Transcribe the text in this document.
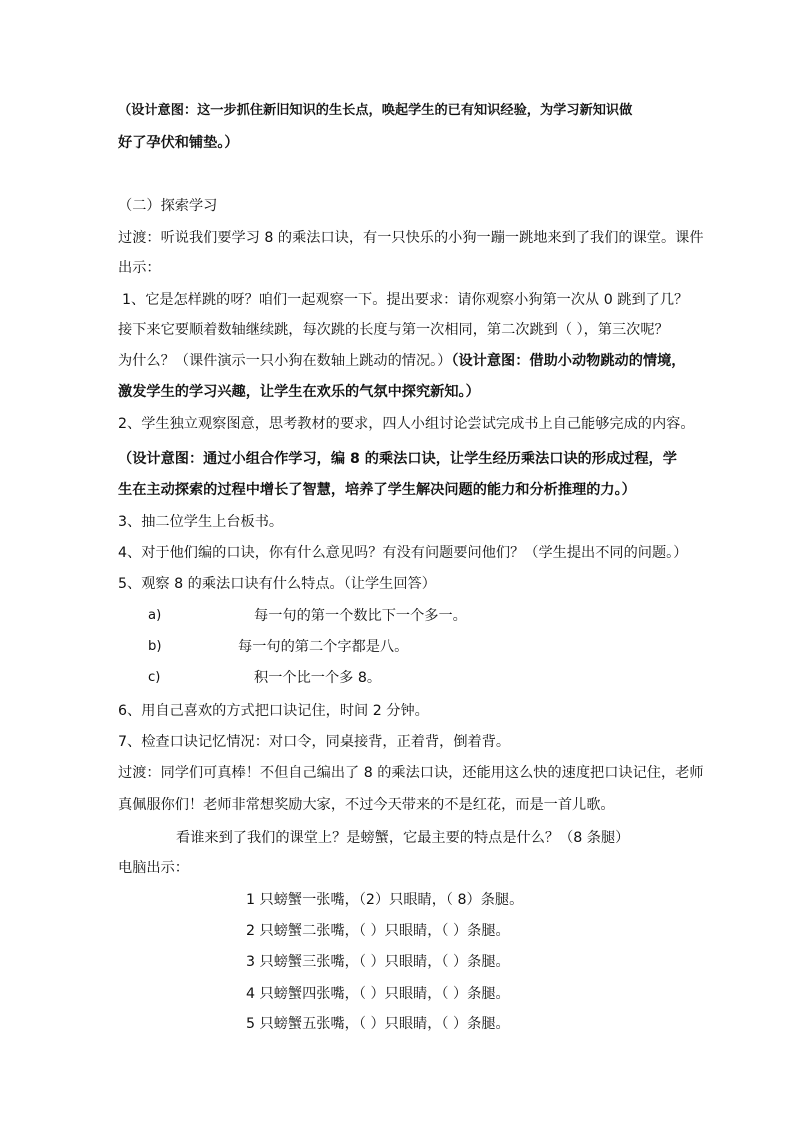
（设计意图：这一步抓住新旧知识的生长点，唤起学生的已有知识经验，为学习新知识做
好了孕伏和铺垫。）
（二）探索学习
过渡：听说我们要学习 8 的乘法口诀，有一只快乐的小狗一蹦一跳地来到了我们的课堂。课件
出示：
1、它是怎样跳的呀？咱们一起观察一下。提出要求：请你观察小狗第一次从 0 跳到了几？
接下来它要顺着数轴继续跳，每次跳的长度与第一次相同，第二次跳到（ ），第三次呢？
为什么？（课件演示一只小狗在数轴上跳动的情况。）（设计意图：借助小动物跳动的情境，
激发学生的学习兴趣，让学生在欢乐的气氛中探究新知。）
2、学生独立观察图意，思考教材的要求，四人小组讨论尝试完成书上自己能够完成的内容。
（设计意图：通过小组合作学习，编 8 的乘法口诀，让学生经历乘法口诀的形成过程，学
生在主动探索的过程中增长了智慧，培养了学生解决问题的能力和分析推理的力。）
3、抽二位学生上台板书。
4、对于他们编的口诀，你有什么意见吗？有没有问题要问他们？（学生提出不同的问题。）
5、观察 8 的乘法口诀有什么特点。（让学生回答）
a)	每一句的第一个数比下一个多一。
b)	每一句的第二个字都是八。
c)	积一个比一个多 8。
6、用自己喜欢的方式把口诀记住，时间 2 分钟。
7、检查口诀记忆情况：对口令，同桌接背，正着背，倒着背。
过渡：同学们可真棒！不但自己编出了 8 的乘法口诀，还能用这么快的速度把口诀记住，老师
真佩服你们！老师非常想奖励大家，不过今天带来的不是红花，而是一首儿歌。
看谁来到了我们的课堂上？是螃蟹，它最主要的特点是什么？（8 条腿）
电脑出示：
1 只螃蟹一张嘴，（2）只眼睛，（ 8）条腿。
2 只螃蟹二张嘴，（ ）只眼睛，（ ）条腿。
3 只螃蟹三张嘴，（ ）只眼睛，（ ）条腿。
4 只螃蟹四张嘴，（ ）只眼睛，（ ）条腿。
5 只螃蟹五张嘴，（ ）只眼睛，（ ）条腿。
